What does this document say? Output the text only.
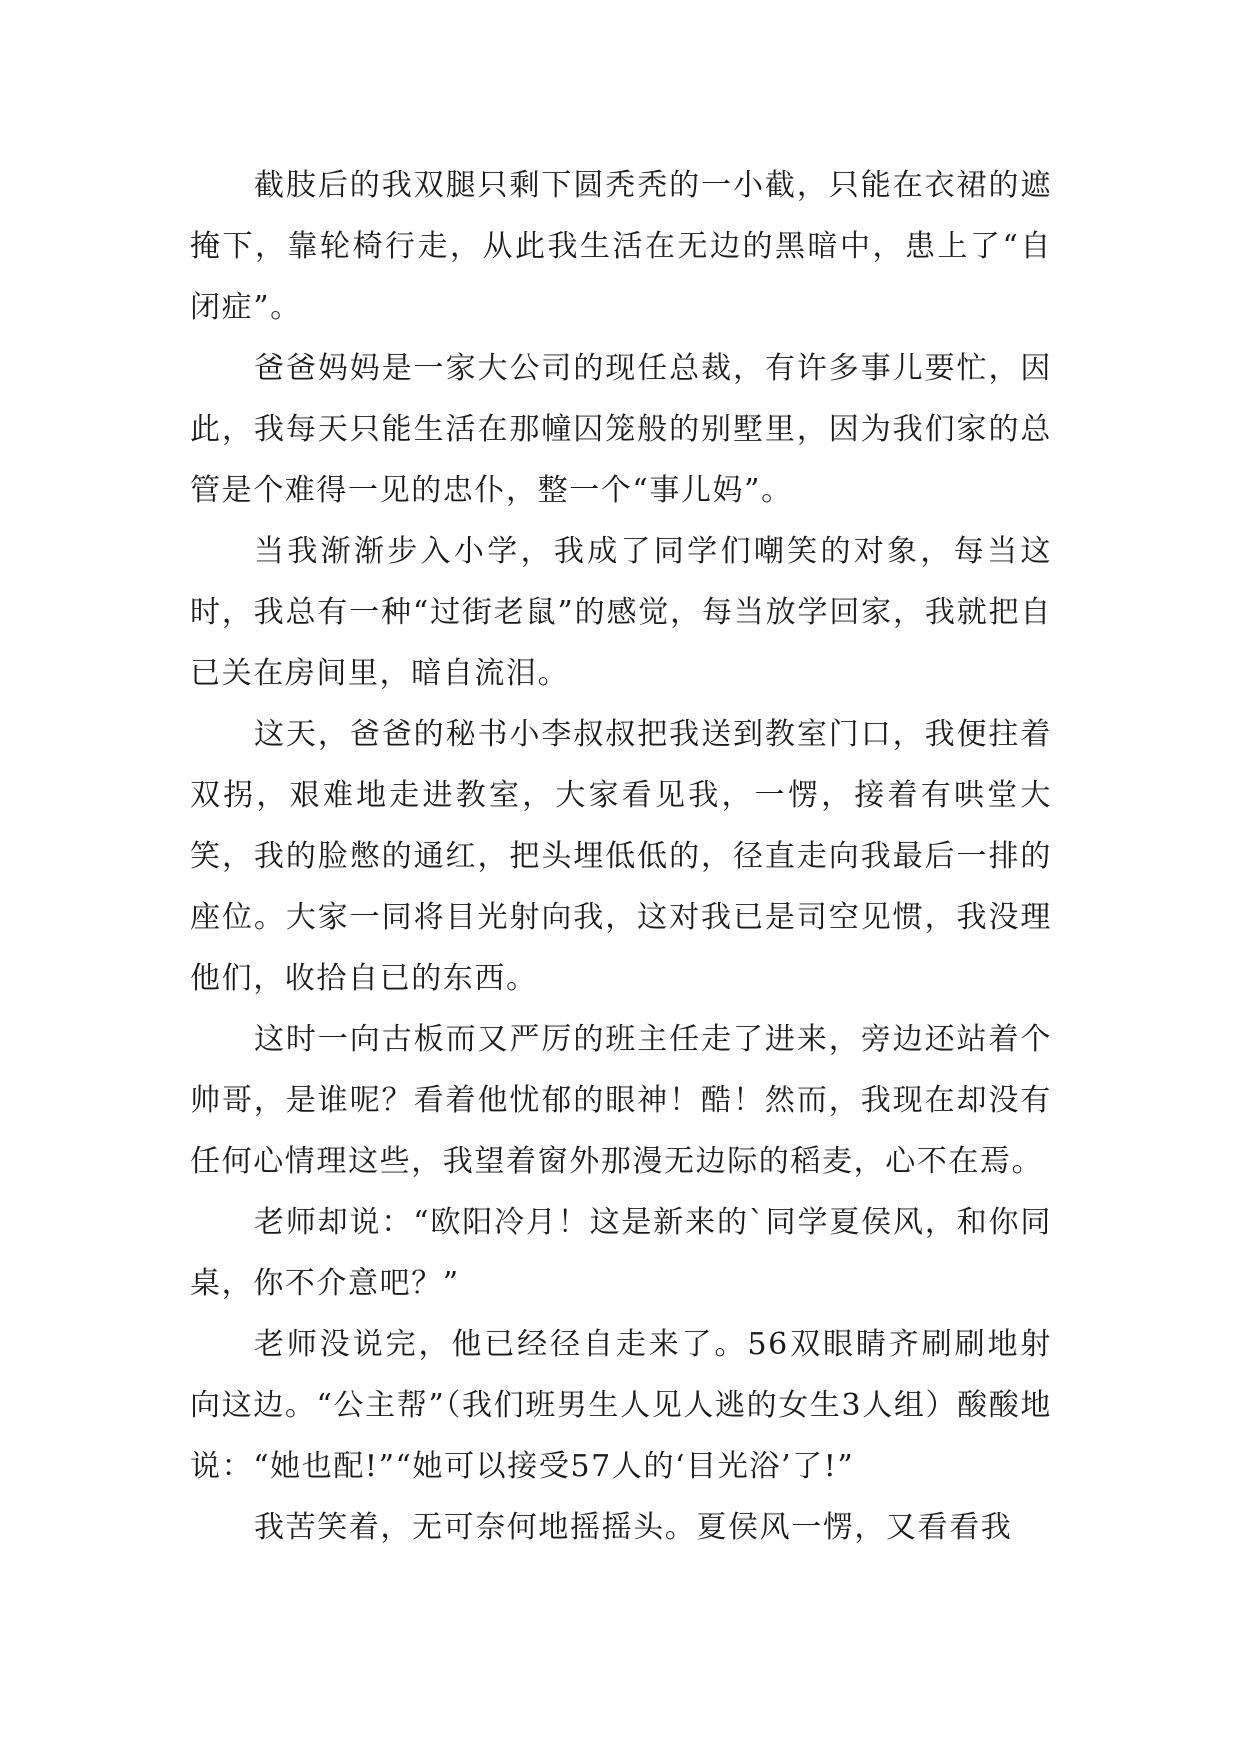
截肢后的我双腿只剩下圆秃秃的一小截，只能在衣裙的遮掩下，靠轮椅行走，从此我生活在无边的黑暗中，患上了“自闭症”。

爸爸妈妈是一家大公司的现任总裁，有许多事儿要忙，因此，我每天只能生活在那幢囚笼般的别墅里，因为我们家的总管是个难得一见的忠仆，整一个“事儿妈”。

当我渐渐步入小学，我成了同学们嘲笑的对象，每当这时，我总有一种“过街老鼠”的感觉，每当放学回家，我就把自已关在房间里，暗自流泪。

这天，爸爸的秘书小李叔叔把我送到教室门口，我便拄着双拐，艰难地走进教室，大家看见我，一愣，接着有哄堂大笑，我的脸憋的通红，把头埋低低的，径直走向我最后一排的座位。大家一同将目光射向我，这对我已是司空见惯，我没理他们，收拾自已的东西。

这时一向古板而又严厉的班主任走了进来，旁边还站着个帅哥，是谁呢？看着他忧郁的眼神！酷！然而，我现在却没有任何心情理这些，我望着窗外那漫无边际的稻麦，心不在焉。

老师却说：“欧阳冷月！这是新来的`同学夏侯风，和你同桌，你不介意吧？”

老师没说完，他已经径自走来了。56双眼睛齐刷刷地射向这边。“公主帮”（我们班男生人见人逃的女生3人组）酸酸地说：“她也配!”“她可以接受57人的‘目光浴’了!”

我苦笑着，无可奈何地摇摇头。夏侯风一愣，又看看我
